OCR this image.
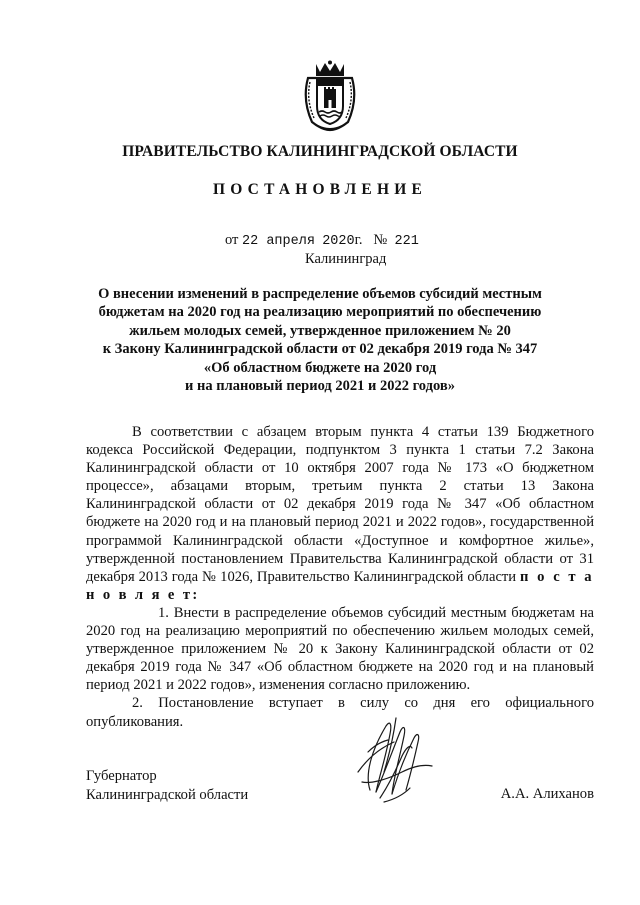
ПРАВИТЕЛЬСТВО КАЛИНИНГРАДСКОЙ ОБЛАСТИ
ПОСТАНОВЛЕНИЕ
от 22 апреля 2020г. № 221
Калининград
О внесении изменений в распределение объемов субсидий местным
бюджетам на 2020 год на реализацию мероприятий по обеспечению
жильем молодых семей, утвержденное приложением № 20
к Закону Калининградской области от 02 декабря 2019 года № 347
«Об областном бюджете на 2020 год
и на плановый период 2021 и 2022 годов»

В соответствии с абзацем вторым пункта 4 статьи 139 Бюджетного кодекса Российской Федерации, подпунктом 3 пункта 1 статьи 7.2 Закона Калининградской области от 10 октября 2007 года № 173 «О бюджетном процессе», абзацами вторым, третьим пункта 2 статьи 13 Закона Калининградской области от 02 декабря 2019 года № 347 «Об областном бюджете на 2020 год и на плановый период 2021 и 2022 годов», государственной программой Калининградской области «Доступное и комфортное жилье», утвержденной постановлением Правительства Калининградской области от 31 декабря 2013 года № 1026, Правительство Калининградской области п о с т а н о в л я е т:

1. Внести в распределение объемов субсидий местным бюджетам на 2020 год на реализацию мероприятий по обеспечению жильем молодых семей, утвержденное приложением № 20 к Закону Калининградской области от 02 декабря 2019 года № 347 «Об областном бюджете на 2020 год и на плановый период 2021 и 2022 годов», изменения согласно приложению.

2. Постановление вступает в силу со дня его официального опубликования.

Губернатор
Калининградской области	А.А. Алиханов
